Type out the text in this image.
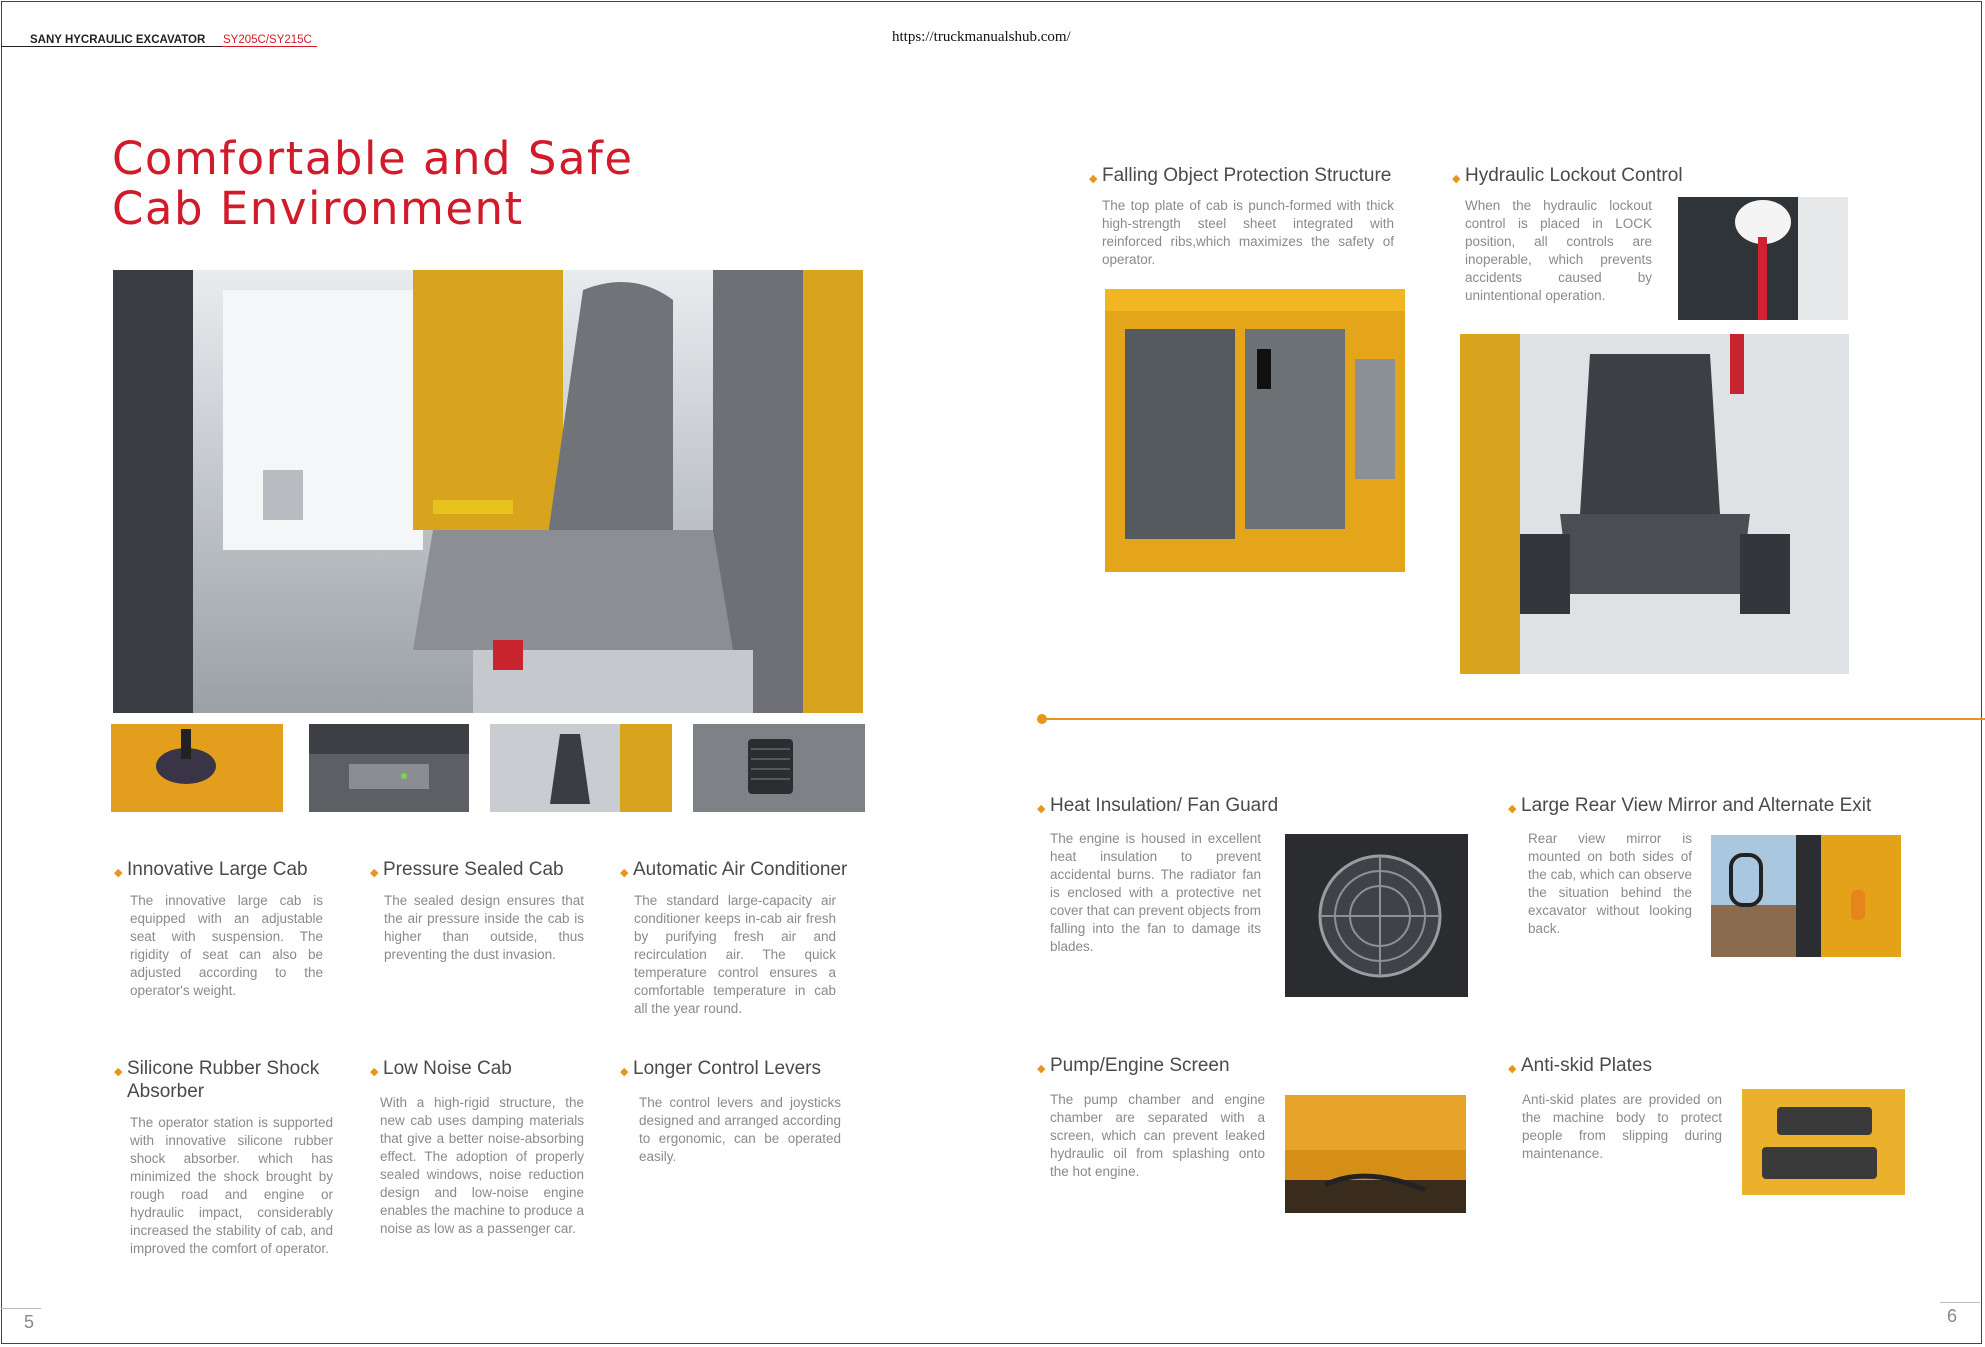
SANY HYCRAULIC EXCAVATOR SY205C/SY215C	https://truckmanualshub.com/
Comfortable and Safe
Cab Environment
◆ Innovative Large Cab
The innovative large cab is equipped with an adjustable seat with suspension. The rigidity of seat can also be adjusted according to the operator's weight.
◆ Pressure Sealed Cab
The sealed design ensures that the air pressure inside the cab is higher than outside, thus preventing the dust invasion.
◆ Automatic Air Conditioner
The standard large-capacity air conditioner keeps in-cab air fresh by purifying fresh air and recirculation air. The quick temperature control ensures a comfortable temperature in cab all the year round.
◆ Silicone Rubber Shock Absorber
The operator station is supported with innovative silicone rubber shock absorber. which has minimized the shock brought by rough road and engine or hydraulic impact, considerably increased the stability of cab, and improved the comfort of operator.
◆ Low Noise Cab
With a high-rigid structure, the new cab uses damping materials that give a better noise-absorbing effect. The adoption of properly sealed windows, noise reduction design and low-noise engine enables the machine to produce a noise as low as a passenger car.
◆ Longer Control Levers
The control levers and joysticks designed and arranged according to ergonomic, can be operated easily.
◆ Falling Object Protection Structure
The top plate of cab is punch-formed with thick high-strength steel sheet integrated with reinforced ribs,which maximizes the safety of operator.
◆ Hydraulic Lockout Control
When the hydraulic lockout control is placed in LOCK position, all controls are inoperable, which prevents accidents caused by unintentional operation.
◆ Heat Insulation/ Fan Guard
The engine is housed in excellent heat insulation to prevent accidental burns. The radiator fan is enclosed with a protective net cover that can prevent objects from falling into the fan to damage its blades.
◆ Large Rear View Mirror and Alternate Exit
Rear view mirror is mounted on both sides of the cab, which can observe the situation behind the excavator without looking back.
◆ Pump/Engine Screen
The pump chamber and engine chamber are separated with a screen, which can prevent leaked hydraulic oil from splashing onto the hot engine.
◆ Anti-skid Plates
Anti-skid plates are provided on the machine body to protect people from slipping during maintenance.
5	6
